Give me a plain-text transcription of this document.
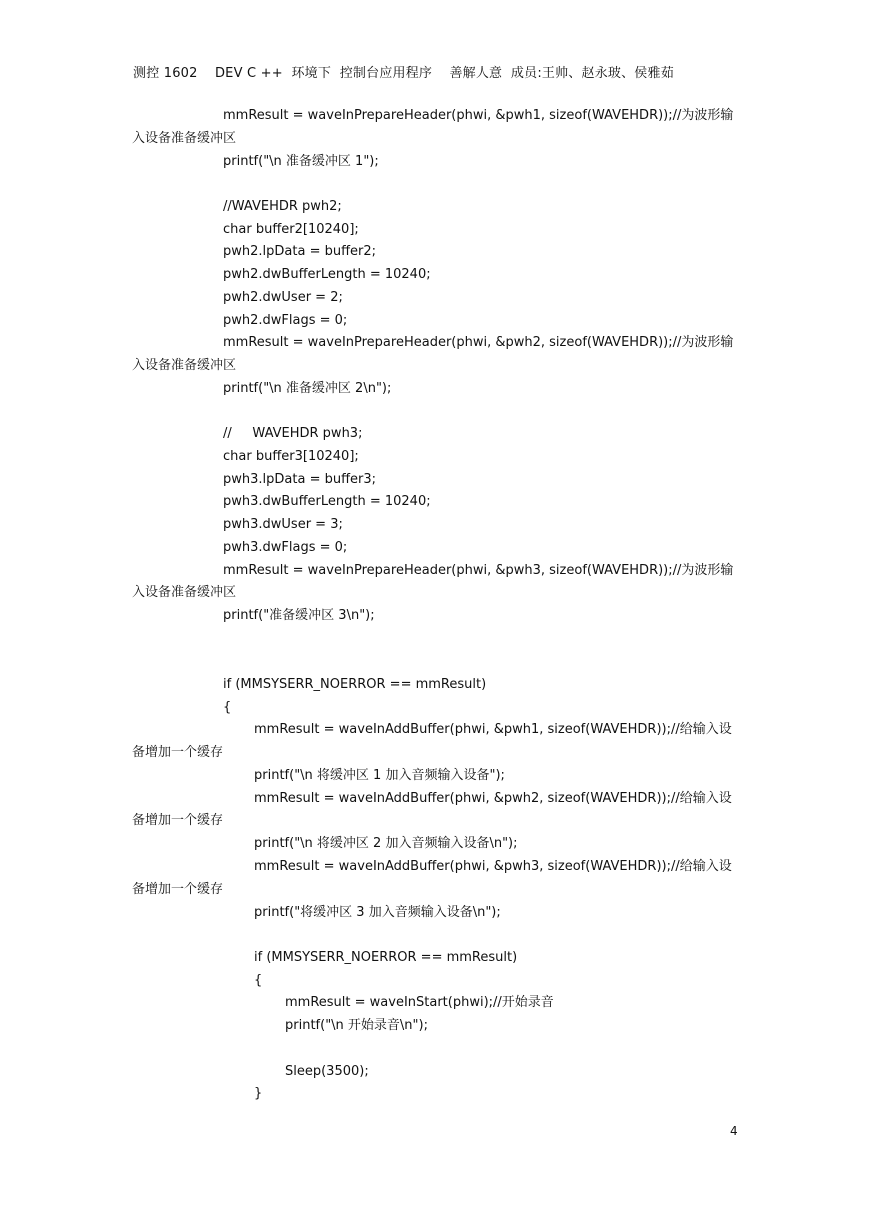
测控 1602    DEV C ++  环境下  控制台应用程序    善解人意  成员:王帅、赵永玻、侯雅茹
mmResult = waveInPrepareHeader(phwi, &pwh1, sizeof(WAVEHDR));//为波形输
入设备准备缓冲区
printf("\n 准备缓冲区 1");
//WAVEHDR pwh2;
char buffer2[10240];
pwh2.lpData = buffer2;
pwh2.dwBufferLength = 10240;
pwh2.dwUser = 2;
pwh2.dwFlags = 0;
mmResult = waveInPrepareHeader(phwi, &pwh2, sizeof(WAVEHDR));//为波形输
入设备准备缓冲区
printf("\n 准备缓冲区 2\n");
//     WAVEHDR pwh3;
char buffer3[10240];
pwh3.lpData = buffer3;
pwh3.dwBufferLength = 10240;
pwh3.dwUser = 3;
pwh3.dwFlags = 0;
mmResult = waveInPrepareHeader(phwi, &pwh3, sizeof(WAVEHDR));//为波形输
入设备准备缓冲区
printf("准备缓冲区 3\n");
if (MMSYSERR_NOERROR == mmResult)
{
mmResult = waveInAddBuffer(phwi, &pwh1, sizeof(WAVEHDR));//给输入设
备增加一个缓存
printf("\n 将缓冲区 1 加入音频输入设备");
mmResult = waveInAddBuffer(phwi, &pwh2, sizeof(WAVEHDR));//给输入设
备增加一个缓存
printf("\n 将缓冲区 2 加入音频输入设备\n");
mmResult = waveInAddBuffer(phwi, &pwh3, sizeof(WAVEHDR));//给输入设
备增加一个缓存
printf("将缓冲区 3 加入音频输入设备\n");
if (MMSYSERR_NOERROR == mmResult)
{
mmResult = waveInStart(phwi);//开始录音
printf("\n 开始录音\n");
Sleep(3500);
}
4
